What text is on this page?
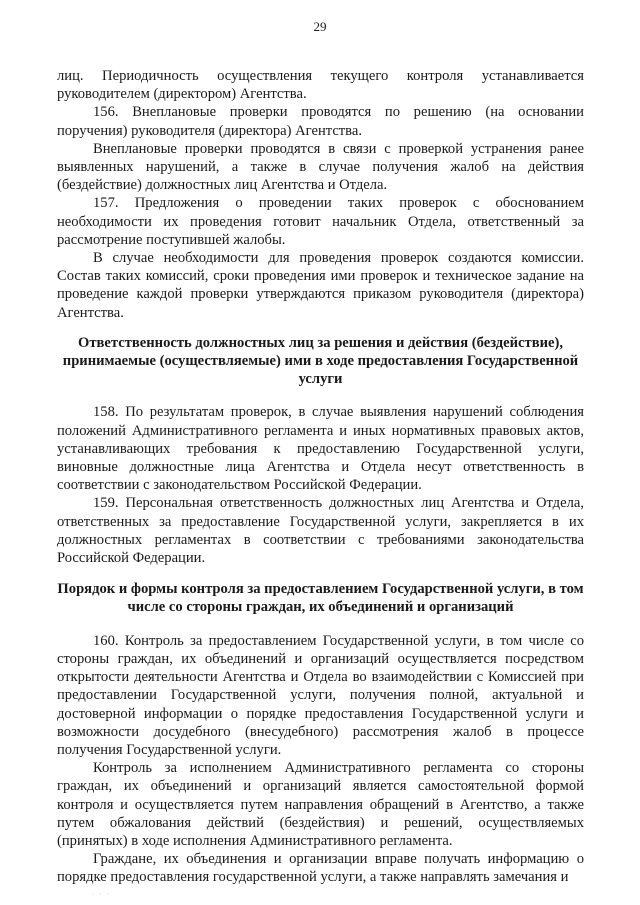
29

лиц. Периодичность осуществления текущего контроля устанавливается руководителем (директором) Агентства.

156. Внеплановые проверки проводятся по решению (на основании поручения) руководителя (директора) Агентства.

Внеплановые проверки проводятся в связи с проверкой устранения ранее выявленных нарушений, а также в случае получения жалоб на действия (бездействие) должностных лиц Агентства и Отдела.

157. Предложения о проведении таких проверок с обоснованием необходимости их проведения готовит начальник Отдела, ответственный за рассмотрение поступившей жалобы.

В случае необходимости для проведения проверок создаются комиссии. Состав таких комиссий, сроки проведения ими проверок и техническое задание на проведение каждой проверки утверждаются приказом руководителя (директора) Агентства.

Ответственность должностных лиц за решения и действия (бездействие), принимаемые (осуществляемые) ими в ходе предоставления Государственной услуги

158. По результатам проверок, в случае выявления нарушений соблюдения положений Административного регламента и иных нормативных правовых актов, устанавливающих требования к предоставлению Государственной услуги, виновные должностные лица Агентства и Отдела несут ответственность в соответствии с законодательством Российской Федерации.

159. Персональная ответственность должностных лиц Агентства и Отдела, ответственных за предоставление Государственной услуги, закрепляется в их должностных регламентах в соответствии с требованиями законодательства Российской Федерации.

Порядок и формы контроля за предоставлением Государственной услуги, в том числе со стороны граждан, их объединений и организаций

160. Контроль за предоставлением Государственной услуги, в том числе со стороны граждан, их объединений и организаций осуществляется посредством открытости деятельности Агентства и Отдела во взаимодействии с Комиссией при предоставлении Государственной услуги, получения полной, актуальной и достоверной информации о порядке предоставления Государственной услуги и возможности досудебного (внесудебного) рассмотрения жалоб в процессе получения Государственной услуги.

Контроль за исполнением Административного регламента со стороны граждан, их объединений и организаций является самостоятельной формой контроля и осуществляется путем направления обращений в Агентство, а также путем обжалования действий (бездействия) и решений, осуществляемых (принятых) в ходе исполнения Административного регламента.

Граждане, их объединения и организации вправе получать информацию о порядке предоставления государственной услуги, а также направлять замечания и

· · ·
